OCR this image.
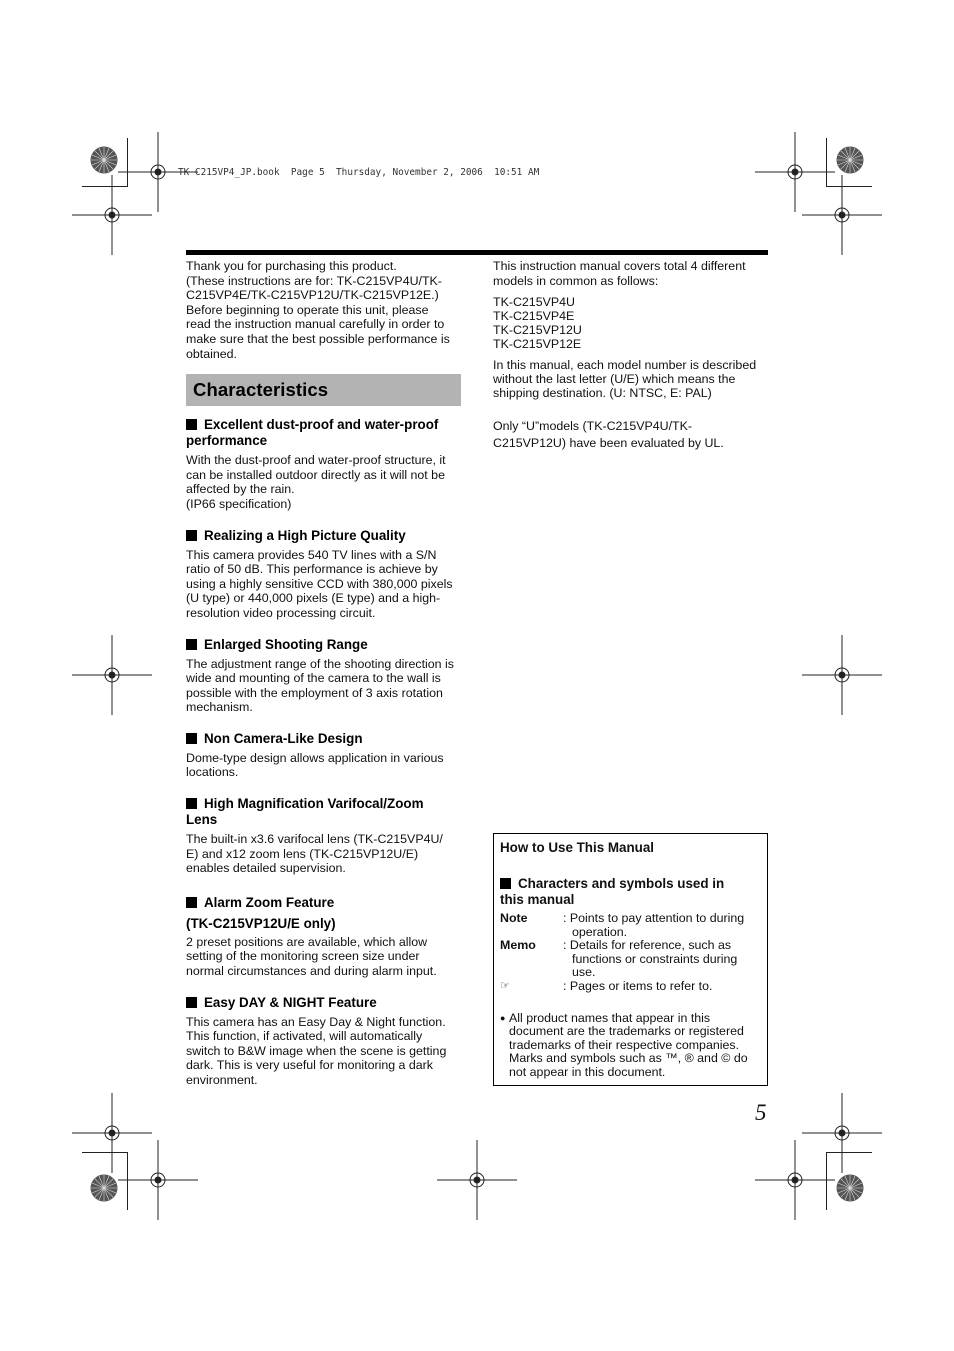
TK-C215VP4_JP.book  Page 5  Thursday, November 2, 2006  10:51 AM

Thank you for purchasing this product.
(These instructions are for: TK-C215VP4U/TK-
C215VP4E/TK-C215VP12U/TK-C215VP12E.)
Before beginning to operate this unit, please
read the instruction manual carefully in order to
make sure that the best possible performance is
obtained.

Characteristics
Excellent dust-proof and water-proof
performance
With the dust-proof and water-proof structure, it
can be installed outdoor directly as it will not be
affected by the rain.
(IP66 specification)
Realizing a High Picture Quality
This camera provides 540 TV lines with a S/N
ratio of 50 dB. This performance is achieve by
using a highly sensitive CCD with 380,000 pixels
(U type) or 440,000 pixels (E type) and a high-
resolution video processing circuit.
Enlarged Shooting Range
The adjustment range of the shooting direction is
wide and mounting of the camera to the wall is
possible with the employment of 3 axis rotation
mechanism.
Non Camera-Like Design
Dome-type design allows application in various
locations.
High Magnification Varifocal/Zoom
Lens
The built-in x3.6 varifocal lens (TK-C215VP4U/
E) and x12 zoom lens (TK-C215VP12U/E)
enables detailed supervision.
Alarm Zoom Feature
(TK-C215VP12U/E only)
2 preset positions are available, which allow
setting of the monitoring screen size under
normal circumstances and during alarm input.
Easy DAY & NIGHT Feature
This camera has an Easy Day & Night function.
This function, if activated, will automatically
switch to B&W image when the scene is getting
dark. This is very useful for monitoring a dark
environment.
This instruction manual covers total 4 different
models in common as follows:
TK-C215VP4U
TK-C215VP4E
TK-C215VP12U
TK-C215VP12E
In this manual, each model number is described
without the last letter (U/E) which means the
shipping destination. (U: NTSC, E: PAL)
Only “U”models (TK-C215VP4U/TK-
C215VP12U) have been evaluated by UL.
How to Use This Manual
Characters and symbols used in
this manual
Note	: Points to pay attention to during
operation.
Memo	: Details for reference, such as
functions or constraints during
use.
☞	: Pages or items to refer to.
● All product names that appear in this
document are the trademarks or registered
trademarks of their respective companies.
Marks and symbols such as ™, ® and © do
not appear in this document.
5
